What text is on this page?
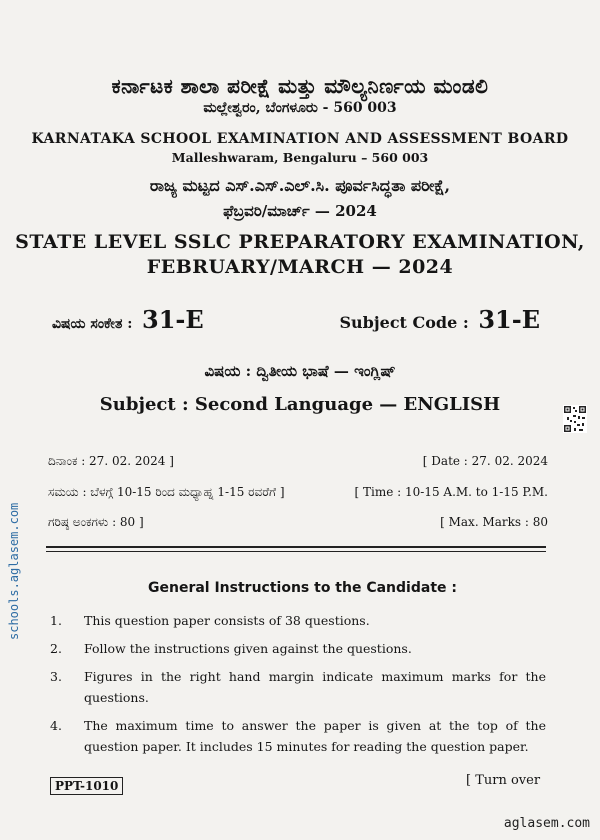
ಕರ್ನಾಟಕ ಶಾಲಾ ಪರೀಕ್ಷೆ ಮತ್ತು ಮೌಲ್ಯನಿರ್ಣಯ ಮಂಡಲಿ
ಮಲ್ಲೇಶ್ವರಂ, ಬೆಂಗಳೂರು - 560 003
KARNATAKA SCHOOL EXAMINATION AND ASSESSMENT BOARD
Malleshwaram, Bengaluru – 560 003
ರಾಜ್ಯ ಮಟ್ಟದ ಎಸ್.ಎಸ್.ಎಲ್.ಸಿ. ಪೂರ್ವಸಿದ್ಧತಾ ಪರೀಕ್ಷೆ,
ಫೆಬ್ರವರಿ/ಮಾರ್ಚ್ — 2024
STATE LEVEL SSLC PREPARATORY EXAMINATION,
FEBRUARY/MARCH — 2024
ವಿಷಯ ಸಂಕೇತ : 31-E	Subject Code : 31-E
ವಿಷಯ : ದ್ವಿತೀಯ ಭಾಷೆ — ಇಂಗ್ಲಿಷ್
Subject : Second Language — ENGLISH
ದಿನಾಂಕ : 27. 02. 2024 ]	[ Date : 27. 02. 2024
ಸಮಯ : ಬೆಳಗ್ಗೆ 10-15 ರಿಂದ ಮಧ್ಯಾಹ್ನ 1-15 ರವರೆಗೆ ]	[ Time : 10-15 A.M. to 1-15 P.M.
ಗರಿಷ್ಠ ಅಂಕಗಳು : 80 ]	[ Max. Marks : 80
General Instructions to the Candidate :
1. This question paper consists of 38 questions.
2. Follow the instructions given against the questions.
3. Figures in the right hand margin indicate maximum marks for the questions.
4. The maximum time to answer the paper is given at the top of the question paper. It includes 15 minutes for reading the question paper.
PPT-1010	[ Turn over
schools.aglasem.com
aglasem.com
